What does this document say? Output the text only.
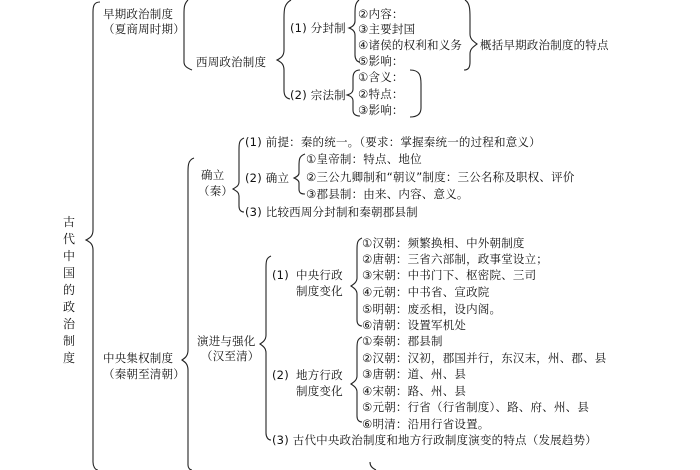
古代中国的政治制度
早期政治制度
（夏商周时期）
西周政治制度
(1) 分封制
②内容：
③主要封国
④诸侯的权利和义务
⑤影响：
概括早期政治制度的特点
(2) 宗法制
①含义：
②特点：
③影响：
中央集权制度
（秦朝至清朝）
确立
（秦）
(1) 前提：秦的统一。（要求：掌握秦统一的过程和意义）
(2) 确立
①皇帝制：特点、地位
②三公九卿制和“朝议”制度：三公名称及职权、评价
③郡县制：由来、内容、意义。
(3) 比较西周分封制和秦朝郡县制
演进与强化
（汉至清）
(1) 中央行政
制度变化
①汉朝：频繁换相、中外朝制度
②唐朝：三省六部制，政事堂设立；
③宋朝：中书门下、枢密院、三司
④元朝：中书省、宣政院
⑤明朝：废丞相，设内阁。
⑥清朝：设置军机处
(2) 地方行政
制度变化
①秦朝：郡县制
②汉朝：汉初，郡国并行，东汉末，州、郡、县
③唐朝：道、州、县
④宋朝：路、州、县
⑤元朝：行省（行省制度）、路、府、州、县
⑥明清：沿用行省设置。
(3) 古代中央政治制度和地方行政制度演变的特点（发展趋势）
